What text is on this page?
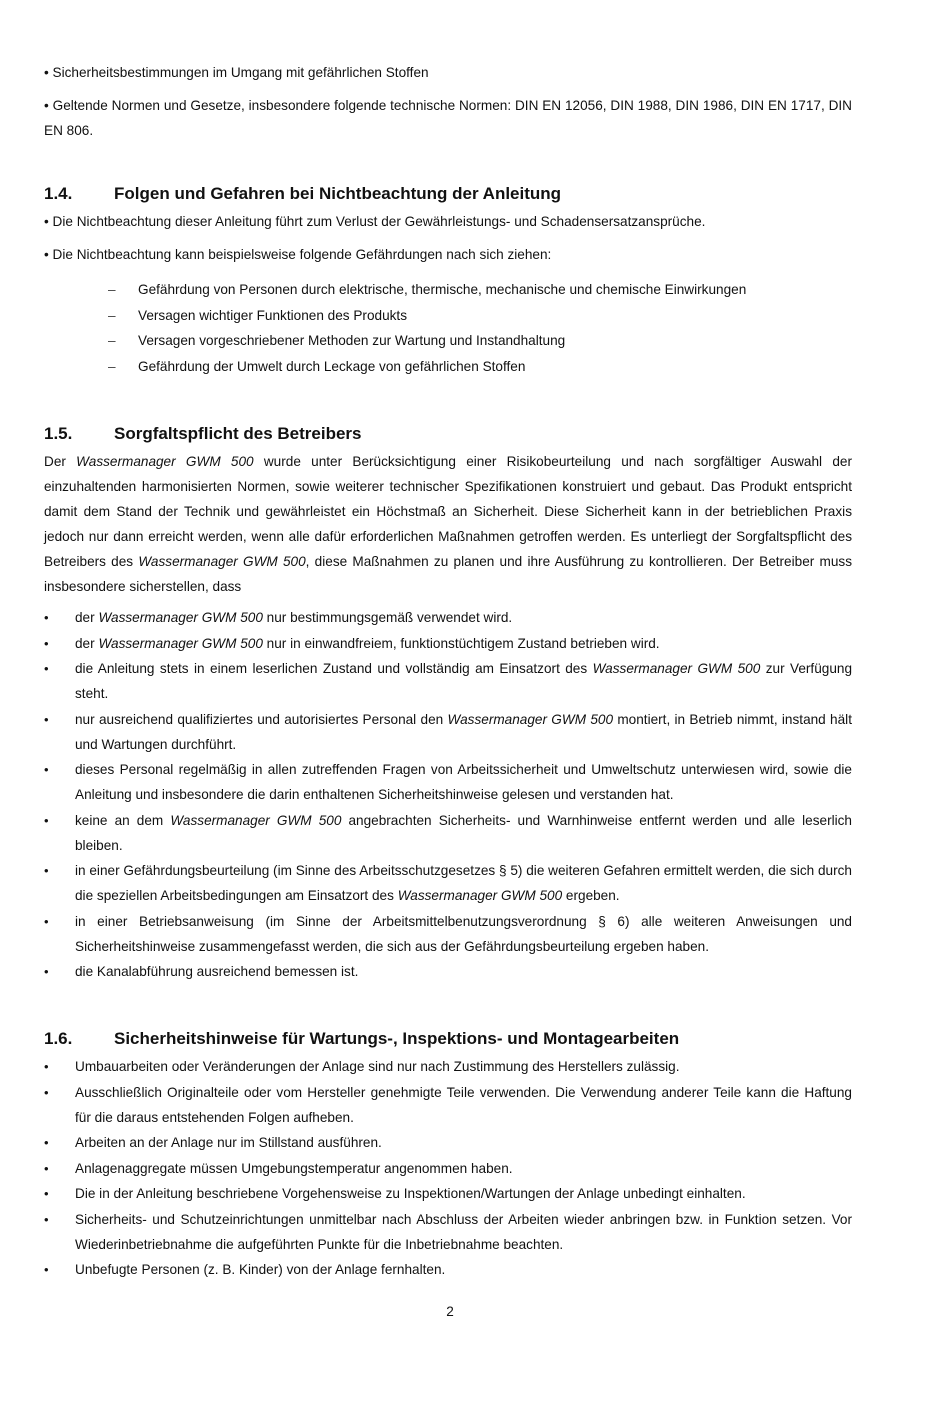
• Sicherheitsbestimmungen im Umgang mit gefährlichen Stoffen

• Geltende Normen und Gesetze, insbesondere folgende technische Normen: DIN EN 12056, DIN 1988, DIN 1986, DIN EN 1717, DIN EN 806.

1.4.	Folgen und Gefahren bei Nichtbeachtung der Anleitung

• Die Nichtbeachtung dieser Anleitung führt zum Verlust der Gewährleistungs- und Schadensersatzansprüche.

• Die Nichtbeachtung kann beispielsweise folgende Gefährdungen nach sich ziehen:

– Gefährdung von Personen durch elektrische, thermische, mechanische und chemische Einwirkungen
– Versagen wichtiger Funktionen des Produkts
– Versagen vorgeschriebener Methoden zur Wartung und Instandhaltung
– Gefährdung der Umwelt durch Leckage von gefährlichen Stoffen
1.5.	Sorgfaltspflicht des Betreibers

Der Wassermanager GWM 500 wurde unter Berücksichtigung einer Risikobeurteilung und nach sorgfältiger Auswahl der einzuhaltenden harmonisierten Normen, sowie weiterer technischer Spezifikationen konstruiert und gebaut. Das Produkt entspricht damit dem Stand der Technik und gewährleistet ein Höchstmaß an Sicherheit. Diese Sicherheit kann in der betrieblichen Praxis jedoch nur dann erreicht werden, wenn alle dafür erforderlichen Maßnahmen getroffen werden. Es unterliegt der Sorgfaltspflicht des Betreibers des Wassermanager GWM 500, diese Maßnahmen zu planen und ihre Ausführung zu kontrollieren. Der Betreiber muss insbesondere sicherstellen, dass

• der Wassermanager GWM 500 nur bestimmungsgemäß verwendet wird.
• der Wassermanager GWM 500 nur in einwandfreiem, funktionstüchtigem Zustand betrieben wird.
• die Anleitung stets in einem leserlichen Zustand und vollständig am Einsatzort des Wassermanager GWM 500 zur Verfügung steht.
• nur ausreichend qualifiziertes und autorisiertes Personal den Wassermanager GWM 500 montiert, in Betrieb nimmt, instand hält und Wartungen durchführt.
• dieses Personal regelmäßig in allen zutreffenden Fragen von Arbeitssicherheit und Umweltschutz unterwiesen wird, sowie die Anleitung und insbesondere die darin enthaltenen Sicherheitshinweise gelesen und verstanden hat.
• keine an dem Wassermanager GWM 500 angebrachten Sicherheits- und Warnhinweise entfernt werden und alle leserlich bleiben.
• in einer Gefährdungsbeurteilung (im Sinne des Arbeitsschutzgesetzes § 5) die weiteren Gefahren ermittelt werden, die sich durch die speziellen Arbeitsbedingungen am Einsatzort des Wassermanager GWM 500 ergeben.
• in einer Betriebsanweisung (im Sinne der Arbeitsmittelbenutzungsverordnung § 6) alle weiteren Anweisungen und Sicherheitshinweise zusammengefasst werden, die sich aus der Gefährdungsbeurteilung ergeben haben.
• die Kanalabführung ausreichend bemessen ist.
1.6.	Sicherheitshinweise für Wartungs-, Inspektions- und Montagearbeiten
• Umbauarbeiten oder Veränderungen der Anlage sind nur nach Zustimmung des Herstellers zulässig.
• Ausschließlich Originalteile oder vom Hersteller genehmigte Teile verwenden. Die Verwendung anderer Teile kann die Haftung für die daraus entstehenden Folgen aufheben.
• Arbeiten an der Anlage nur im Stillstand ausführen.
• Anlagenaggregate müssen Umgebungstemperatur angenommen haben.
• Die in der Anleitung beschriebene Vorgehensweise zu Inspektionen/Wartungen der Anlage unbedingt einhalten.
• Sicherheits- und Schutzeinrichtungen unmittelbar nach Abschluss der Arbeiten wieder anbringen bzw. in Funktion setzen. Vor Wiederinbetriebnahme die aufgeführten Punkte für die Inbetriebnahme beachten.
• Unbefugte Personen (z. B. Kinder) von der Anlage fernhalten.
2
